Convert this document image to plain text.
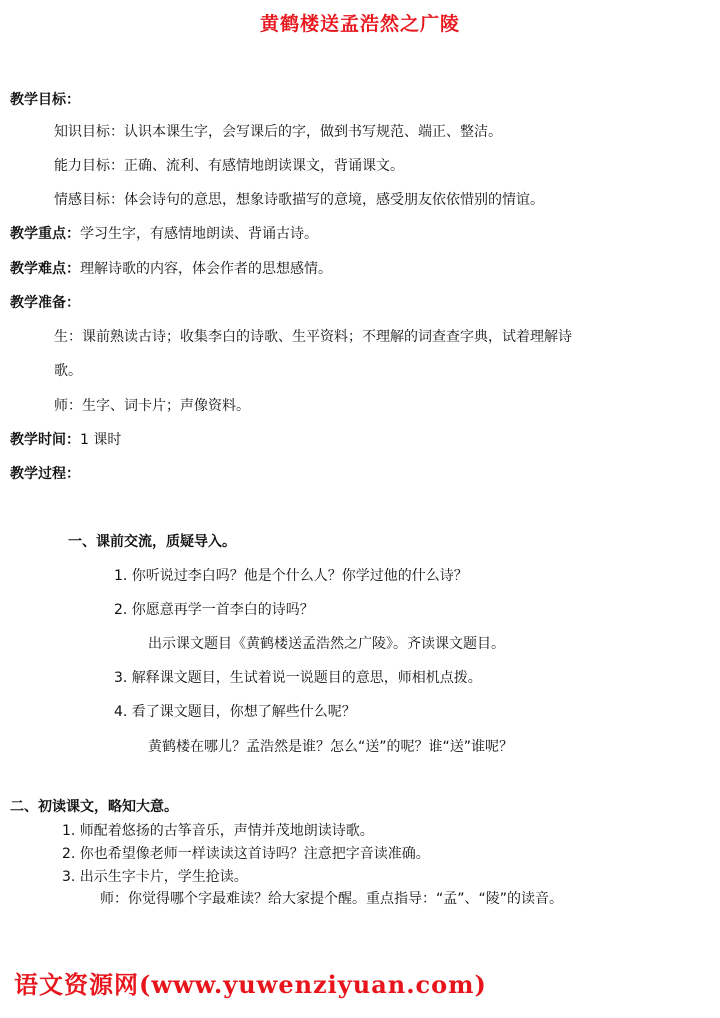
黄鹤楼送孟浩然之广陵
教学目标：
知识目标：认识本课生字，会写课后的字，做到书写规范、端正、整洁。
能力目标：正确、流利、有感情地朗读课文，背诵课文。
情感目标：体会诗句的意思，想象诗歌描写的意境，感受朋友依依惜别的情谊。
教学重点：学习生字，有感情地朗读、背诵古诗。
教学难点：理解诗歌的内容，体会作者的思想感情。
教学准备：
生：课前熟读古诗；收集李白的诗歌、生平资料；不理解的词查查字典，试着理解诗
歌。
师：生字、词卡片；声像资料。
教学时间：1 课时
教学过程：
一、课前交流，质疑导入。
1. 你听说过李白吗？他是个什么人？你学过他的什么诗？
2. 你愿意再学一首李白的诗吗？
出示课文题目《黄鹤楼送孟浩然之广陵》。齐读课文题目。
3. 解释课文题目，生试着说一说题目的意思，师相机点拨。
4. 看了课文题目，你想了解些什么呢？
黄鹤楼在哪儿？孟浩然是谁？怎么“送”的呢？谁“送”谁呢？
二、初读课文，略知大意。
1. 师配着悠扬的古筝音乐，声情并茂地朗读诗歌。
2. 你也希望像老师一样读读这首诗吗？注意把字音读准确。
3. 出示生字卡片，学生抢读。
师：你觉得哪个字最难读？给大家提个醒。重点指导：“孟”、“陵”的读音。
语文资源网(www.yuwenziyuan.com)
